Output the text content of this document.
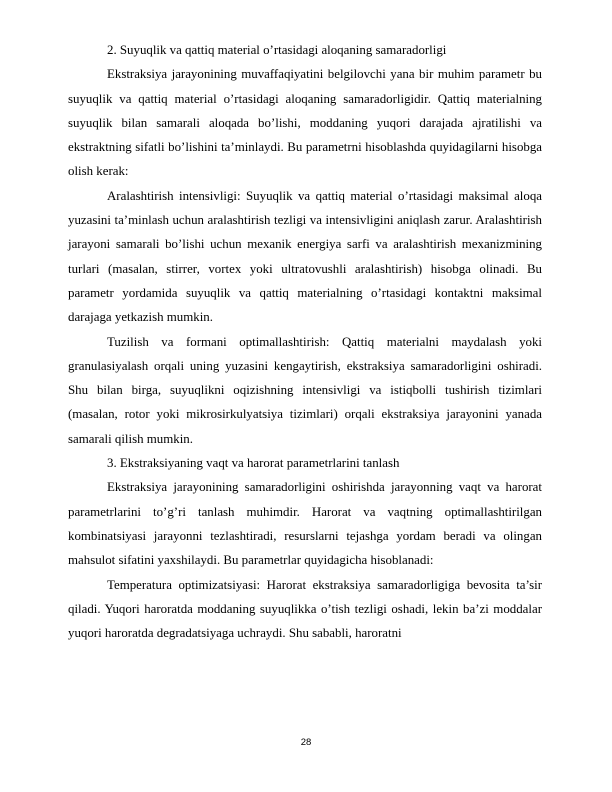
2. Suyuqlik va qattiq material o’rtasidagi aloqaning samaradorligi

Ekstraksiya jarayonining muvaffaqiyatini belgilovchi yana bir muhim parametr bu suyuqlik va qattiq material o’rtasidagi aloqaning samaradorligidir. Qattiq materialning suyuqlik bilan samarali aloqada bo’lishi, moddaning yuqori darajada ajratilishi va ekstraktning sifatli bo’lishini ta’minlaydi. Bu parametrni hisoblashda quyidagilarni hisobga olish kerak:

Aralashtirish intensivligi: Suyuqlik va qattiq material o’rtasidagi maksimal aloqa yuzasini ta’minlash uchun aralashtirish tezligi va intensivligini aniqlash zarur. Aralashtirish jarayoni samarali bo’lishi uchun mexanik energiya sarfi va aralashtirish mexanizmining turlari (masalan, stirrer, vortex yoki ultratovushli aralashtirish) hisobga olinadi. Bu parametr yordamida suyuqlik va qattiq materialning o’rtasidagi kontaktni maksimal darajaga yetkazish mumkin.

Tuzilish va formani optimallashtirish: Qattiq materialni maydalash yoki granulasiyalash orqali uning yuzasini kengaytirish, ekstraksiya samaradorligini oshiradi. Shu bilan birga, suyuqlikni oqizishning intensivligi va istiqbolli tushirish tizimlari (masalan, rotor yoki mikrosirkulyatsiya tizimlari) orqali ekstraksiya jarayonini yanada samarali qilish mumkin.

3. Ekstraksiyaning vaqt va harorat parametrlarini tanlash

Ekstraksiya jarayonining samaradorligini oshirishda jarayonning vaqt va harorat parametrlarini to’g’ri tanlash muhimdir. Harorat va vaqtning optimallashtirilgan kombinatsiyasi jarayonni tezlashtiradi, resurslarni tejashga yordam beradi va olingan mahsulot sifatini yaxshilaydi. Bu parametrlar quyidagicha hisoblanadi:

Temperatura optimizatsiyasi: Harorat ekstraksiya samaradorligiga bevosita ta’sir qiladi. Yuqori haroratda moddaning suyuqlikka o’tish tezligi oshadi, lekin ba’zi moddalar yuqori haroratda degradatsiyaga uchraydi. Shu sababli, haroratni

28
